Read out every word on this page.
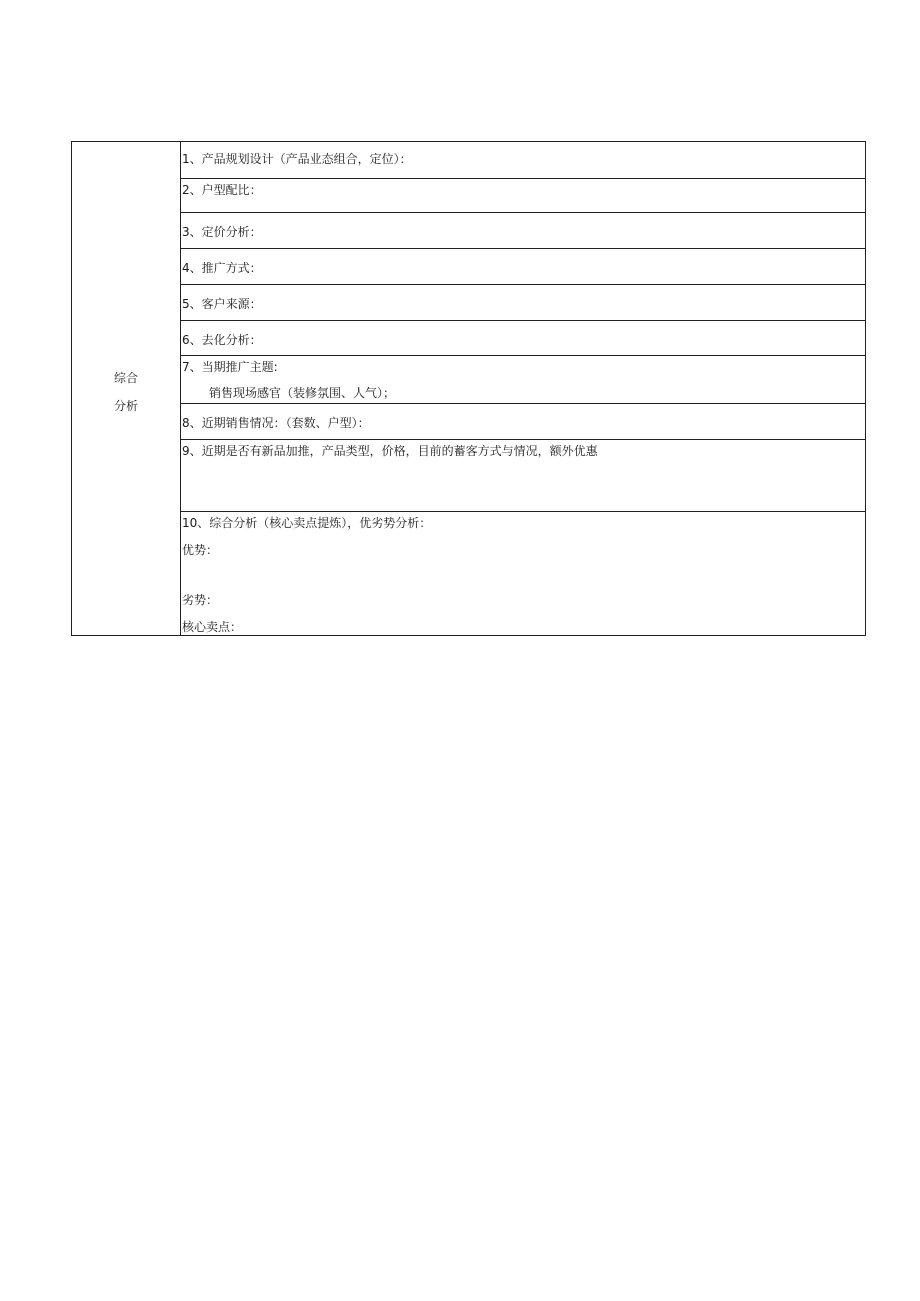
综合
分析
1、产品规划设计（产品业态组合，定位）：
2、户型配比：
3、定价分析：
4、推广方式：
5、客户来源：
6、去化分析：
7、当期推广主题:
销售现场感官（装修氛围、人气）；
8、近期销售情况：（套数、户型）：
9、近期是否有新品加推，产品类型，价格，目前的蓄客方式与情况，额外优惠
10、综合分析（核心卖点提炼），优劣势分析：
优势：
劣势：
核心卖点：
